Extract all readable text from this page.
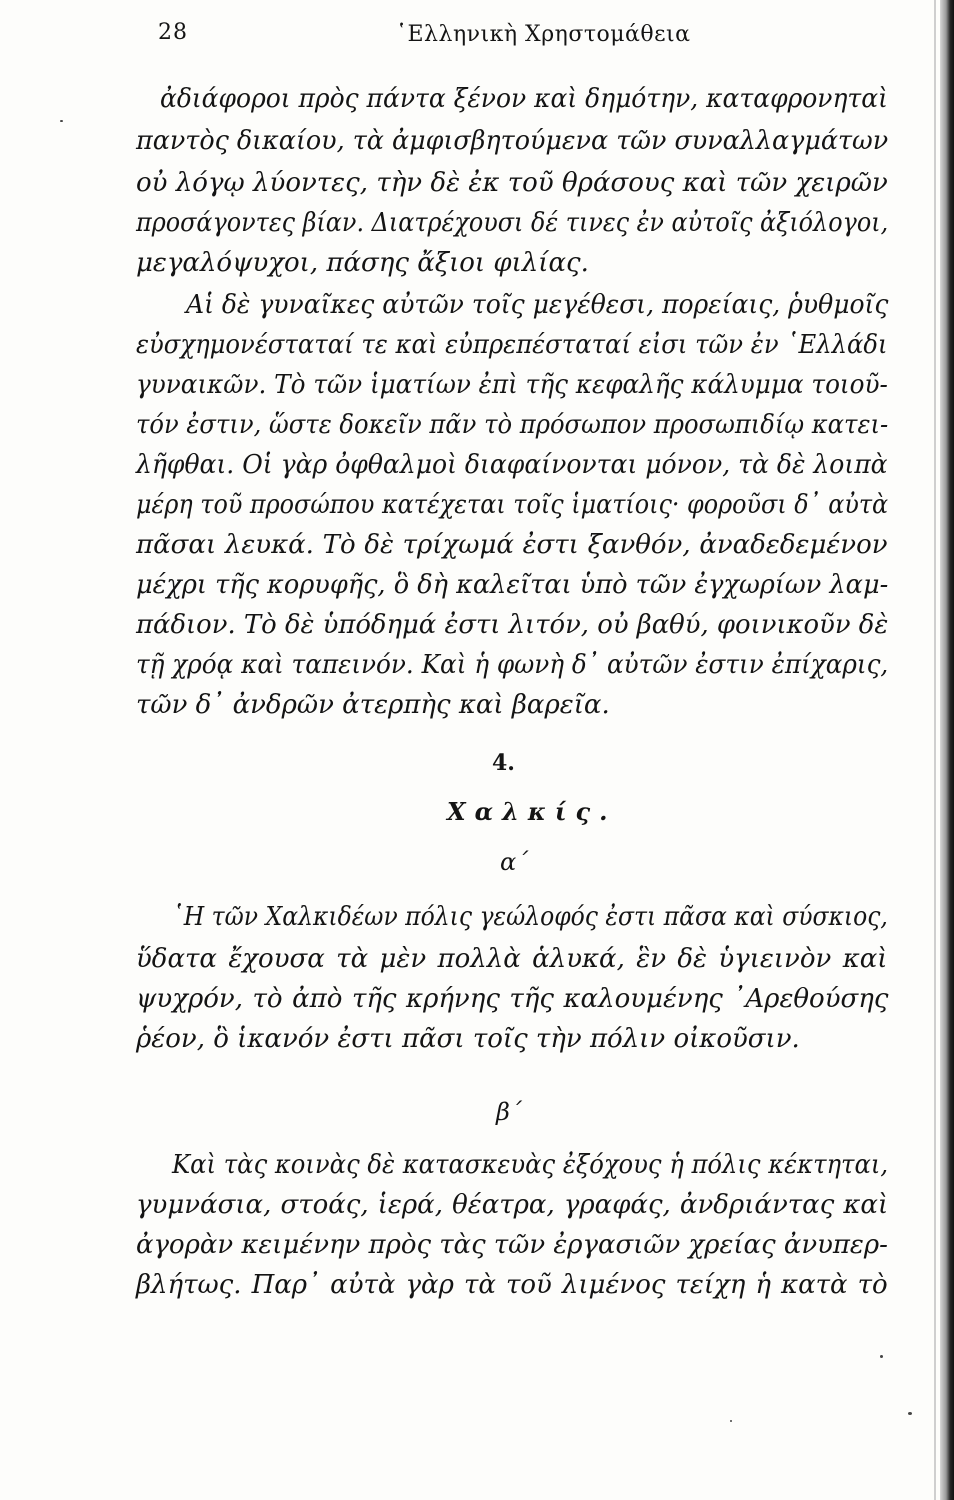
28	῾Ελληνικὴ Χρηστομάθεια
ἀδιάφοροι πρὸς πάντα ξένον καὶ δημότην, καταφρονηταὶ
παντὸς δικαίου, τὰ ἀμφισβητούμενα τῶν συναλλαγμάτων
οὐ λόγῳ λύοντες, τὴν δὲ ἐκ τοῦ θράσους καὶ τῶν χειρῶν
προσάγοντες βίαν. Διατρέχουσι δέ τινες ἐν αὐτοῖς ἀξιόλογοι,
μεγαλόψυχοι, πάσης ἄξιοι φιλίας.
Αἱ δὲ γυναῖκες αὐτῶν τοῖς μεγέθεσι, πορείαις, ῥυθμοῖς
εὐσχημονέσταταί τε καὶ εὐπρεπέσταταί εἰσι τῶν ἐν ῾Ελλάδι
γυναικῶν. Τὸ τῶν ἱματίων ἐπὶ τῆς κεφαλῆς κάλυμμα τοιοῦ-
τόν ἐστιν, ὥστε δοκεῖν πᾶν τὸ πρόσωπον προσωπιδίῳ κατει-
λῆφθαι. Οἱ γὰρ ὀφθαλμοὶ διαφαίνονται μόνον, τὰ δὲ λοιπὰ
μέρη τοῦ προσώπου κατέχεται τοῖς ἱματίοις· φοροῦσι δ᾽ αὐτὰ
πᾶσαι λευκά. Τὸ δὲ τρίχωμά ἐστι ξανθόν, ἀναδεδεμένον
μέχρι τῆς κορυφῆς, ὃ δὴ καλεῖται ὑπὸ τῶν ἐγχωρίων λαμ-
πάδιον. Τὸ δὲ ὑπόδημά ἐστι λιτόν, οὐ βαθύ, φοινικοῦν δὲ
τῇ χρόᾳ καὶ ταπεινόν. Καὶ ἡ φωνὴ δ᾽ αὐτῶν ἐστιν ἐπίχαρις,
τῶν δ᾽ ἀνδρῶν ἀτερπὴς καὶ βαρεῖα.
4.
Χαλκίς.
α´
῾Η τῶν Χαλκιδέων πόλις γεώλοφός ἐστι πᾶσα καὶ σύσκιος,
ὕδατα ἔχουσα τὰ μὲν πολλὰ ἁλυκά, ἓν δὲ ὑγιεινὸν καὶ
ψυχρόν, τὸ ἀπὸ τῆς κρήνης τῆς καλουμένης ᾽Αρεθούσης
ῥέον, ὃ ἱκανόν ἐστι πᾶσι τοῖς τὴν πόλιν οἰκοῦσιν.
β´
Καὶ τὰς κοινὰς δὲ κατασκευὰς ἐξόχους ἡ πόλις κέκτηται,
γυμνάσια, στοάς, ἱερά, θέατρα, γραφάς, ἀνδριάντας καὶ
ἀγορὰν κειμένην πρὸς τὰς τῶν ἐργασιῶν χρείας ἀνυπερ-
βλήτως. Παρ᾽ αὐτὰ γὰρ τὰ τοῦ λιμένος τείχη ἡ κατὰ τὸ
